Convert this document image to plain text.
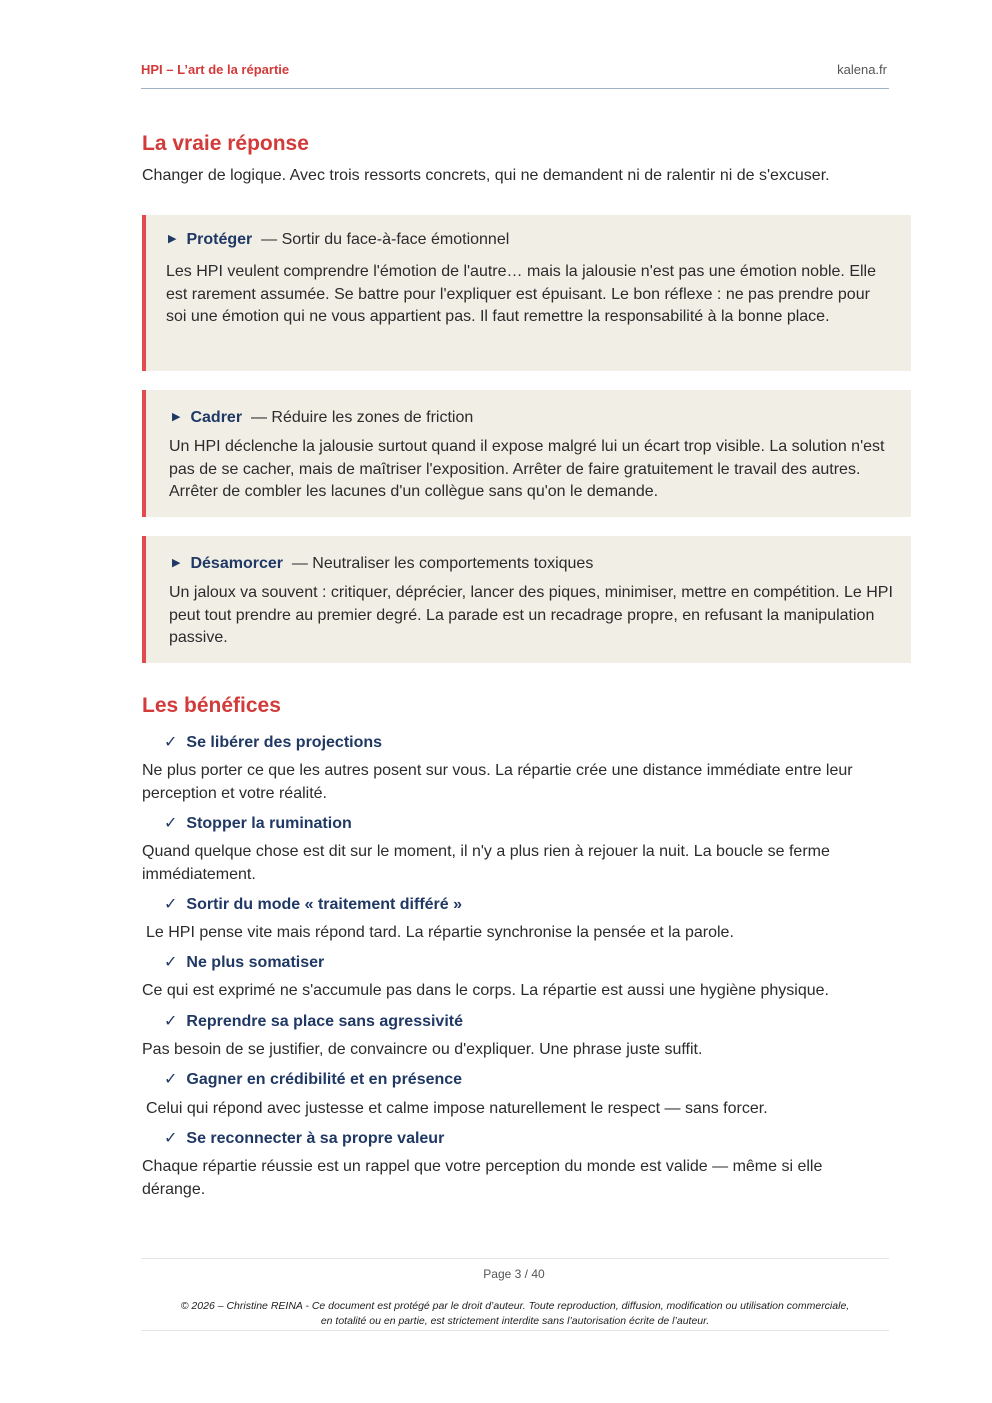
HPI – L’art de la répartie	kalena.fr
La vraie réponse

Changer de logique. Avec trois ressorts concrets, qui ne demandent ni de ralentir ni de s'excuser.

▶ Protéger — Sortir du face-à-face émotionnel

Les HPI veulent comprendre l'émotion de l'autre… mais la jalousie n'est pas une émotion noble. Elle est rarement assumée. Se battre pour l'expliquer est épuisant. Le bon réflexe : ne pas prendre pour soi une émotion qui ne vous appartient pas. Il faut remettre la responsabilité à la bonne place.

▶ Cadrer — Réduire les zones de friction

Un HPI déclenche la jalousie surtout quand il expose malgré lui un écart trop visible. La solution n'est pas de se cacher, mais de maîtriser l'exposition. Arrêter de faire gratuitement le travail des autres. Arrêter de combler les lacunes d'un collègue sans qu'on le demande.

▶ Désamorcer — Neutraliser les comportements toxiques

Un jaloux va souvent : critiquer, déprécier, lancer des piques, minimiser, mettre en compétition. Le HPI peut tout prendre au premier degré. La parade est un recadrage propre, en refusant la manipulation passive.

Les bénéfices
✓ Se libérer des projections

Ne plus porter ce que les autres posent sur vous. La répartie crée une distance immédiate entre leur perception et votre réalité.

✓ Stopper la rumination

Quand quelque chose est dit sur le moment, il n'y a plus rien à rejouer la nuit. La boucle se ferme immédiatement.

✓ Sortir du mode « traitement différé »

Le HPI pense vite mais répond tard. La répartie synchronise la pensée et la parole.

✓ Ne plus somatiser

Ce qui est exprimé ne s'accumule pas dans le corps. La répartie est aussi une hygiène physique.

✓ Reprendre sa place sans agressivité

Pas besoin de se justifier, de convaincre ou d'expliquer. Une phrase juste suffit.

✓ Gagner en crédibilité et en présence

Celui qui répond avec justesse et calme impose naturellement le respect — sans forcer.

✓ Se reconnecter à sa propre valeur

Chaque répartie réussie est un rappel que votre perception du monde est valide — même si elle dérange.

Page 3 / 40
© 2026 – Christine REINA - Ce document est protégé par le droit d’auteur. Toute reproduction, diffusion, modification ou utilisation commerciale,
en totalité ou en partie, est strictement interdite sans l’autorisation écrite de l’auteur.
